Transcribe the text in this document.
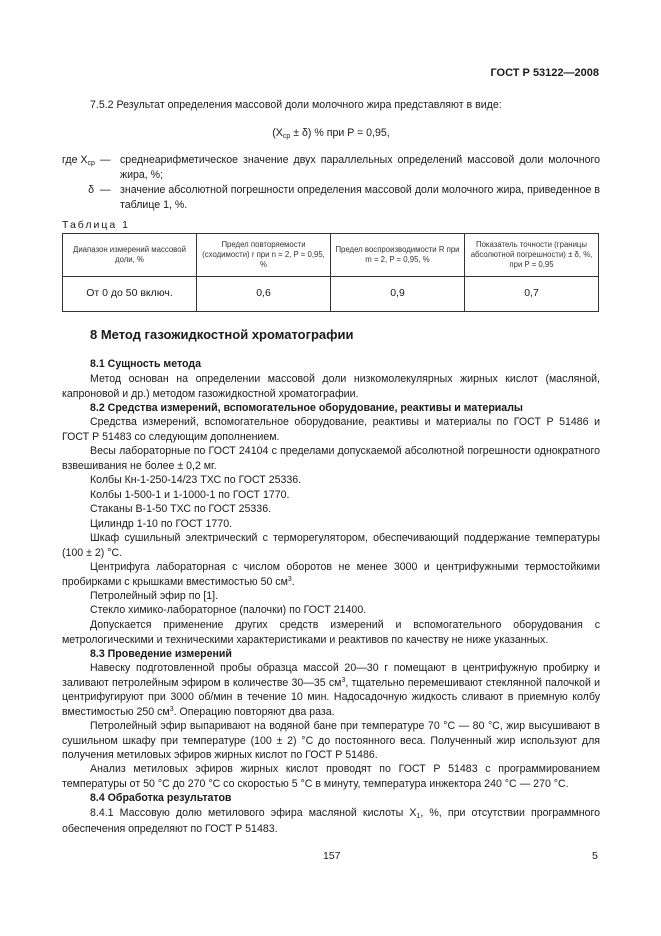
ГОСТ Р 53122—2008
7.5.2 Результат определения массовой доли молочного жира представляют в виде:
$(X_{ср} \pm \delta)$ % при P = 0,95,
где $X_{ср}$ — среднеарифметическое значение двух параллельных определений массовой доли молочного жира, %;
δ — значение абсолютной погрешности определения массовой доли молочного жира, приведенное в таблице 1, %.
Таблица 1
Диапазон измерений массовой доли, %	Предел повторяемости (сходимости) r при n = 2, P = 0,95, %	Предел воспроизводимости R при m = 2, P = 0,95, %	Показатель точности (границы абсолютной погрешности) ± δ, %, при P = 0,95
От 0 до 50 включ.	0,6	0,9	0,7
8 Метод газожидкостной хроматографии
8.1 Сущность метода
Метод основан на определении массовой доли низкомолекулярных жирных кислот (масляной, капроновой и др.) методом газожидкостной хроматографии.
8.2 Средства измерений, вспомогательное оборудование, реактивы и материалы
Средства измерений, вспомогательное оборудование, реактивы и материалы по ГОСТ Р 51486 и ГОСТ Р 51483 со следующим дополнением.
Весы лабораторные по ГОСТ 24104 с пределами допускаемой абсолютной погрешности однократного взвешивания не более ± 0,2 мг.
Колбы Кн-1-250-14/23 ТХС по ГОСТ 25336.
Колбы 1-500-1 и 1-1000-1 по ГОСТ 1770.
Стаканы В-1-50 ТХС по ГОСТ 25336.
Цилиндр 1-10 по ГОСТ 1770.
Шкаф сушильный электрический с терморегулятором, обеспечивающий поддержание температуры (100 ± 2) °С.
Центрифуга лабораторная с числом оборотов не менее 3000 и центрифужными термостойкими пробирками с крышками вместимостью 50 $см^3$.
Петролейный эфир по [1].
Стекло химико-лабораторное (палочки) по ГОСТ 21400.
Допускается применение других средств измерений и вспомогательного оборудования с метрологическими и техническими характеристиками и реактивов по качеству не ниже указанных.
8.3 Проведение измерений
Навеску подготовленной пробы образца массой 20—30 г помещают в центрифужную пробирку и заливают петролейным эфиром в количестве 30—35 $см^3$, тщательно перемешивают стеклянной палочкой и центрифугируют при 3000 об/мин в течение 10 мин. Надосадочную жидкость сливают в приемную колбу вместимостью 250 $см^3$. Операцию повторяют два раза.
Петролейный эфир выпаривают на водяной бане при температуре 70 °С — 80 °С, жир высушивают в сушильном шкафу при температуре (100 ± 2) °С до постоянного веса. Полученный жир используют для получения метиловых эфиров жирных кислот по ГОСТ Р 51486.
Анализ метиловых эфиров жирных кислот проводят по ГОСТ Р 51483 с программированием температуры от 50 °С до 270 °С со скоростью 5 °С в минуту, температура инжектора 240 °С — 270 °С.
8.4 Обработка результатов
8.4.1 Массовую долю метилового эфира масляной кислоты $X_1$, %, при отсутствии программного обеспечения определяют по ГОСТ Р 51483.
157	5
